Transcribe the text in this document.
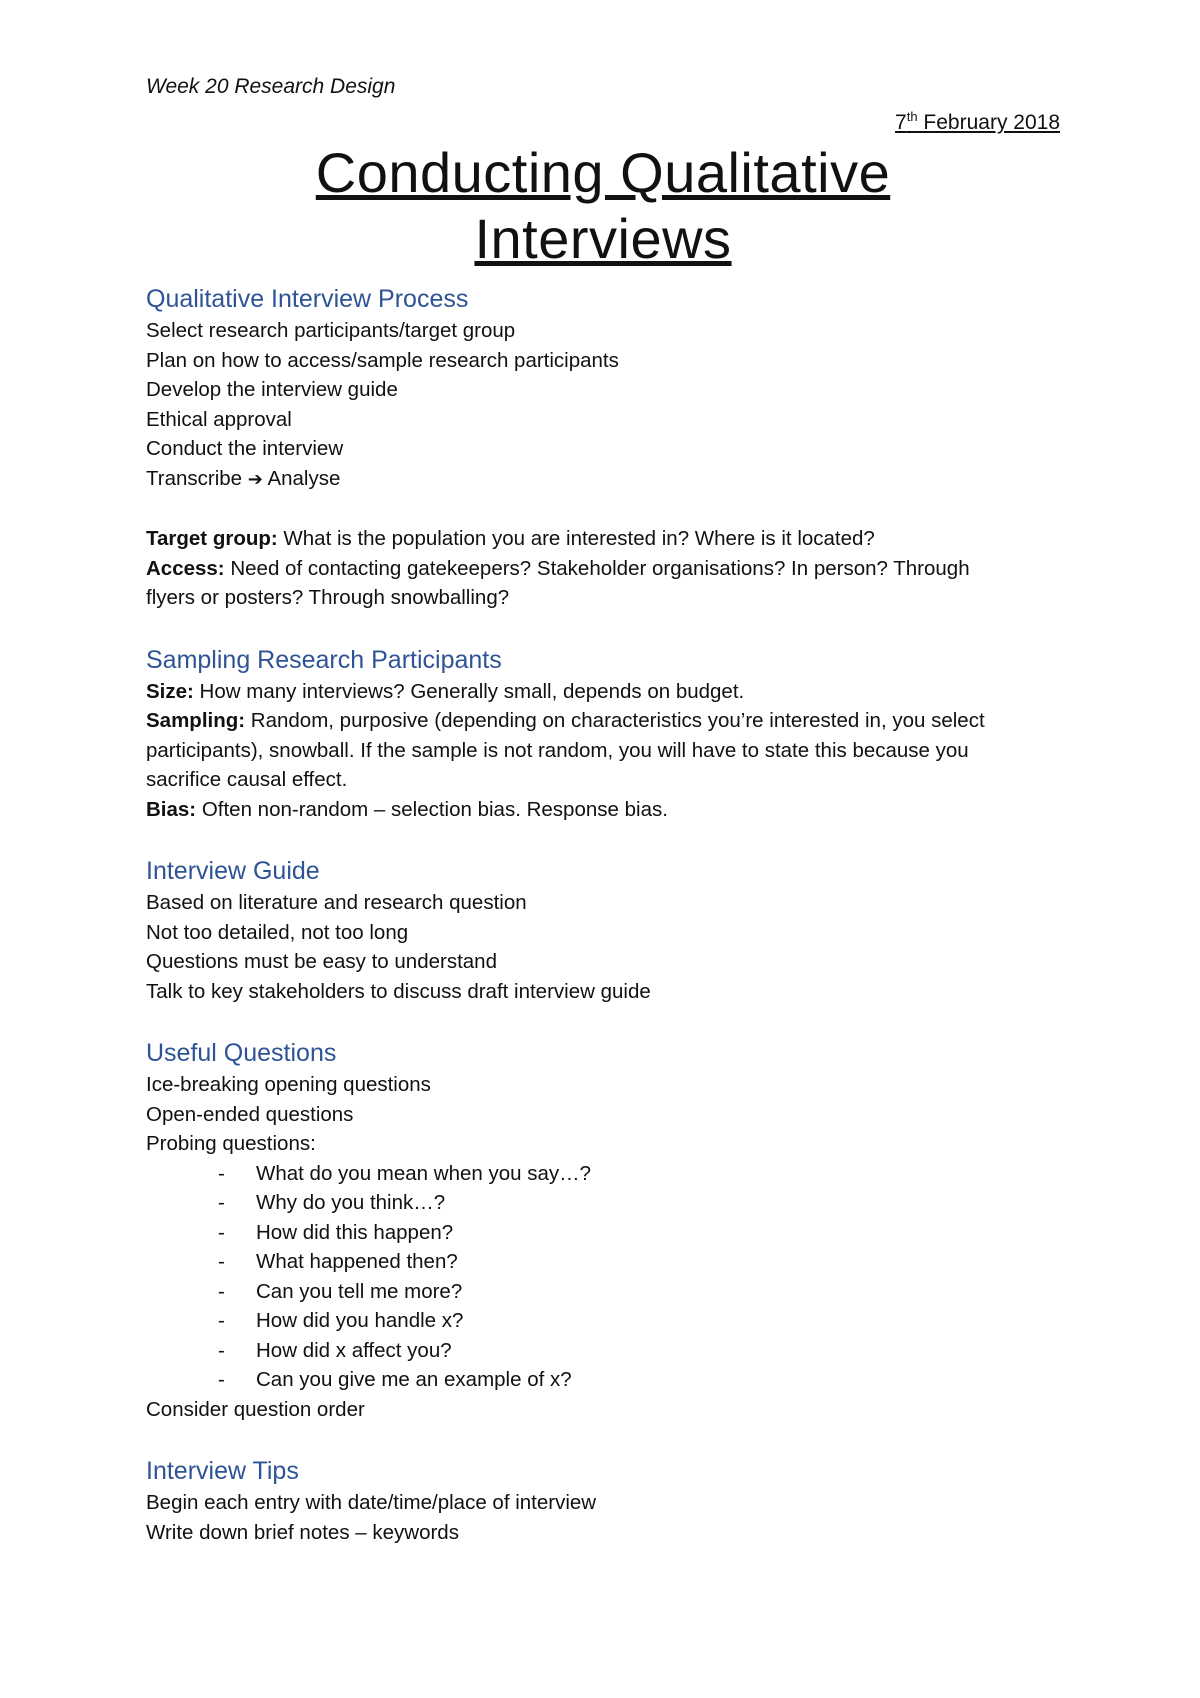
Week 20 Research Design

7th February 2018

Conducting Qualitative
Interviews
Qualitative Interview Process

Select research participants/target group

Plan on how to access/sample research participants

Develop the interview guide

Ethical approval

Conduct the interview

Transcribe ➔ Analyse

Target group: What is the population you are interested in? Where is it located?

Access: Need of contacting gatekeepers? Stakeholder organisations? In person? Through

flyers or posters? Through snowballing?

Sampling Research Participants

Size: How many interviews? Generally small, depends on budget.

Sampling: Random, purposive (depending on characteristics you’re interested in, you select

participants), snowball. If the sample is not random, you will have to state this because you

sacrifice causal effect.

Bias: Often non-random – selection bias. Response bias.

Interview Guide

Based on literature and research question

Not too detailed, not too long

Questions must be easy to understand

Talk to key stakeholders to discuss draft interview guide

Useful Questions

Ice-breaking opening questions

Open-ended questions

Probing questions:

-	What do you mean when you say…?
-	Why do you think…?
-	How did this happen?
-	What happened then?
-	Can you tell me more?
-	How did you handle x?
-	How did x affect you?
-	Can you give me an example of x?

Consider question order

Interview Tips

Begin each entry with date/time/place of interview

Write down brief notes – keywords
